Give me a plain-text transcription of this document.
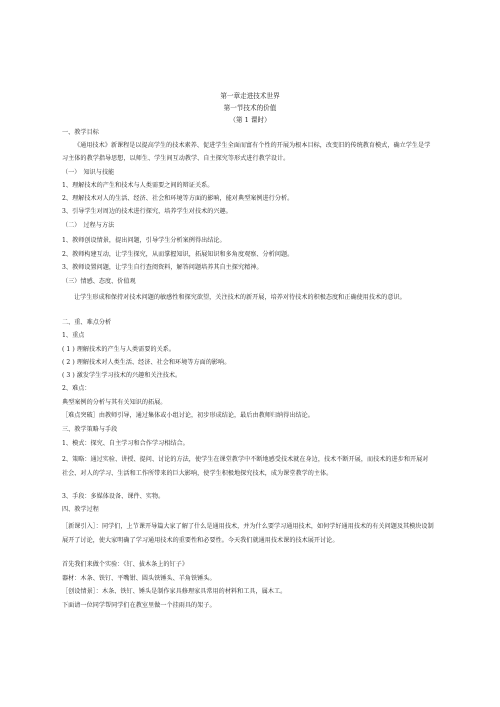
第一章走进技术世界
第一节技术的价值
（第 1 课时）
一、教学目标
《通用技术》新课程是以提高学生的技术素养、促进学生全面而富有个性的开展为根本目标，改变旧的传统教育模式，确立学生是学习主体的教学指导思想，以师生、学生间互动教学、自主探究等形式进行教学设计。
（一）　知识与技能
1、理解技术的产生和技术与人类需要之间的辩证关系。
2、理解技术对人的生活、经济、社会和环境等方面的影响，能对典型案例进行分析。
3、引导学生对周边的技术进行探究，培养学生对技术的兴趣。
（二）　过程与方法
1、教师创设情景，提出问题，引导学生分析案例得出结论。
2、教师构建互动，让学生探究，从而掌握知识，拓展知识和多角度观察、分析问题。
3、教师设置问题，让学生自行查阅资料，解答问题培养其自主探究精神。
（三）情感、态度、价值观
让学生形成和保持对技术问题的敏感性和探究欲望，关注技术的新开展，培养对待技术的积极态度和正确使用技术的意识。
二、重、难点分析
1、重点
( 1 ) 理解技术的产生与人类需要的关系。
( 2 ) 理解技术对人类生活、经济、社会和环境等方面的影响。
( 3 ) 激发学生学习技术的兴趣和关注技术。
2、难点：
典型案例的分析与其有关知识的拓展。
［难点突破］由教师引导，通过集体或小组讨论，初步形成结论，最后由教师归纳得出结论。
三、教学策略与手段
1、模式：探究、自主学习和合作学习相结合。
2、策略：通过实验、讲授、提问、讨论的方法，使学生在课堂教学中不断地感受技术就在身边，技术不断开展，而技术的进步和开展对社会、对人的学习、生活和工作所带来的巨大影响，使学生积极地探究技术，成为课堂教学的主体。
3、手段：多媒体设备、课件、实物。
四、教学过程
［新课引入］：同学们，上节课开导篇大家了解了什么是通用技术，并为什么要学习通用技术，如何学好通用技术的有关问题及其模块设制展开了讨论，使大家明确了学习通用技术的重要性和必要性。今天我们就通用技术课的技术展开讨论。
首先我们来做个实验：《钉、拔木条上的钉子》
器材：木条、铁钉、平嘴钳、圆头铁锤头、羊角铁锤头。
［创设情景］：木条、铁钉、锤头是制作家具修理家具常用的材料和工具，属木工。
下面请一位同学帮同学们在教室里做一个挂雨具的架子。
